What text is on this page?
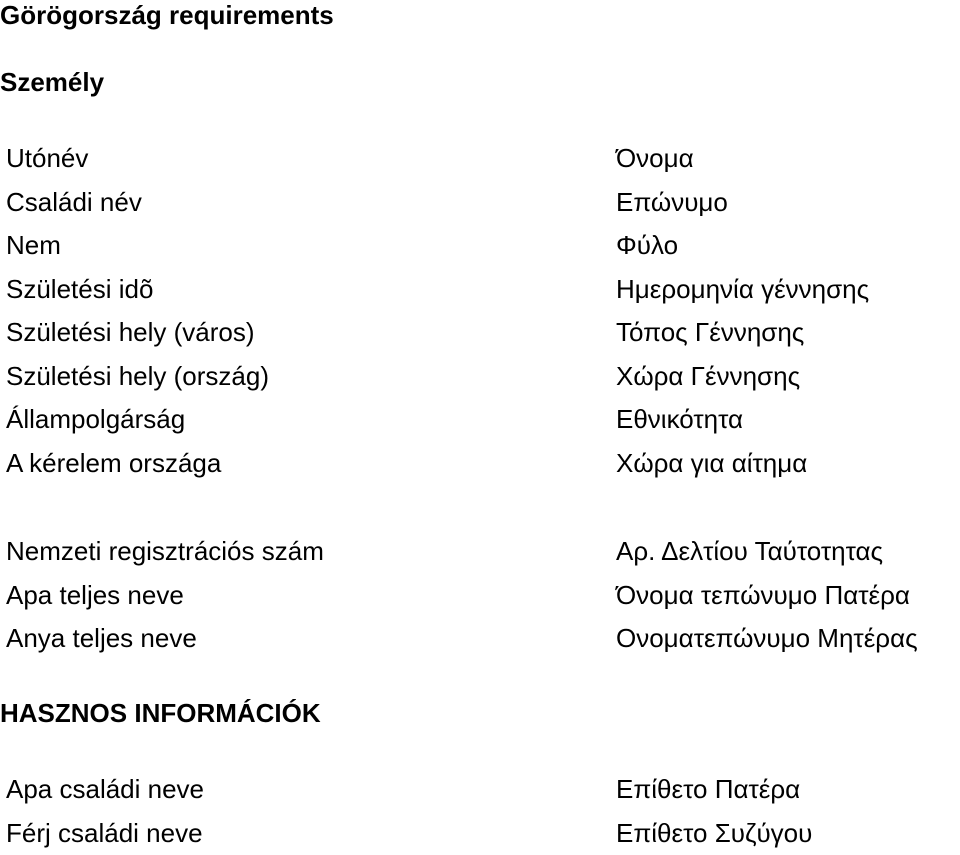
Görögország requirements
Személy
Utónév
Családi név
Nem
Születési idõ
Születési hely (város)
Születési hely (ország)
Állampolgárság
A kérelem országa
Όνομα
Επώνυμο
Φύλο
Ημερομηνία γέννησης
Τόπος Γέννησης
Χώρα Γέννησης
Εθνικότητα
Χώρα για αίτημα
Nemzeti regisztrációs szám
Apa teljes neve
Anya teljes neve
Αρ. Δελτίου Ταύτοτητας
Όνομα τεπώνυμο Πατέρα
Ονοματεπώνυμο Μητέρας
HASZNOS INFORMÁCIÓK
Apa családi neve
Férj családi neve
Επίθετο Πατέρα
Επίθετο Συζύγου
